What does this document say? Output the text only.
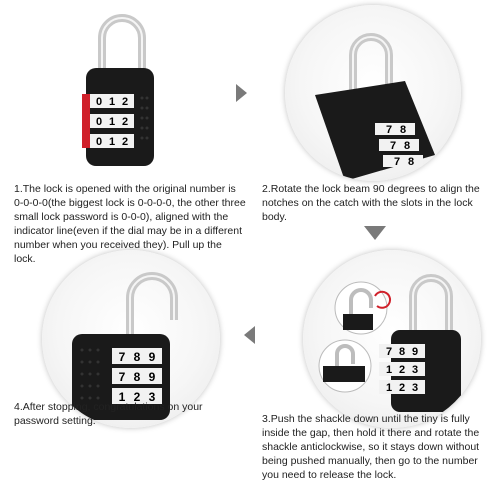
0 1 2
0 1 2
0 1 2
7 8
7 8
7 8
7 8 9
7 8 9
1 2 3
7 8 9
1 2 3
1 2 3

1.The lock is opened with the original number is 0-0-0-0(the biggest lock is 0-0-0-0, the other three small lock password is 0-0-0), aligned with the indicator line(even if the dial may be in a different number when you received they). Pull up the lock.

2.Rotate the lock beam 90 degrees to align the notches on the catch with the slots in the lock body.

3.Push the shackle down until the tiny is fully inside the gap, then hold it there and rotate the shackle anticlockwise, so it stays down without being pushed manually, then go to the number you need to release the lock.

4.After stopping, congratulations on your password setting.
